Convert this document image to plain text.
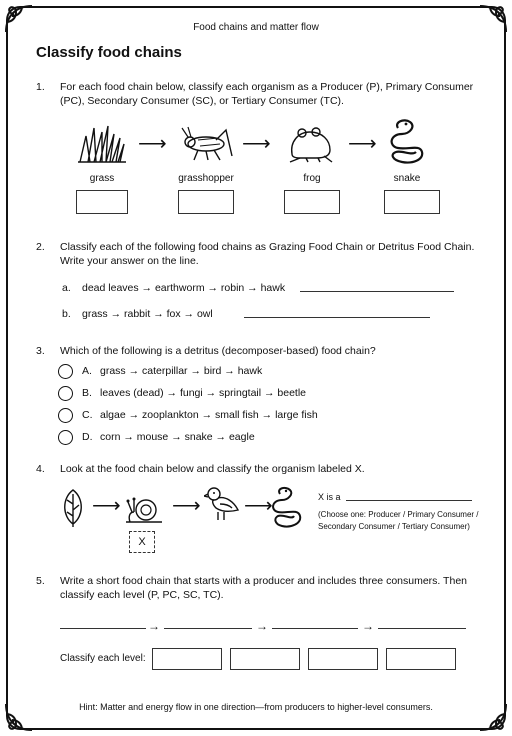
Food chains and matter flow
Classify food chains
1. For each food chain below, classify each organism as a Producer (P), Primary Consumer (PC), Secondary Consumer (SC), or Tertiary Consumer (TC).
⟶	⟶	⟶
grass	grasshopper	frog	snake
2. Classify each of the following food chains as Grazing Food Chain or Detritus Food Chain. Write your answer on the line.
a. dead leaves → earthworm → robin → hawk
b. grass → rabbit → fox → owl
3. Which of the following is a detritus (decomposer-based) food chain?
A. grass → caterpillar → bird → hawk
B. leaves (dead) → fungi → springtail → beetle
C. algae → zooplankton → small fish → large fish
D. corn → mouse → snake → eagle
4. Look at the food chain below and classify the organism labeled X.
⟶	⟶ ⟶
X
X is a
(Choose one: Producer / Primary Consumer /
Secondary Consumer / Tertiary Consumer)
5. Write a short food chain that starts with a producer and includes three consumers. Then classify each level (P, PC, SC, TC).
→	→	→
Classify each level:
Hint: Matter and energy flow in one direction—from producers to higher-level consumers.
